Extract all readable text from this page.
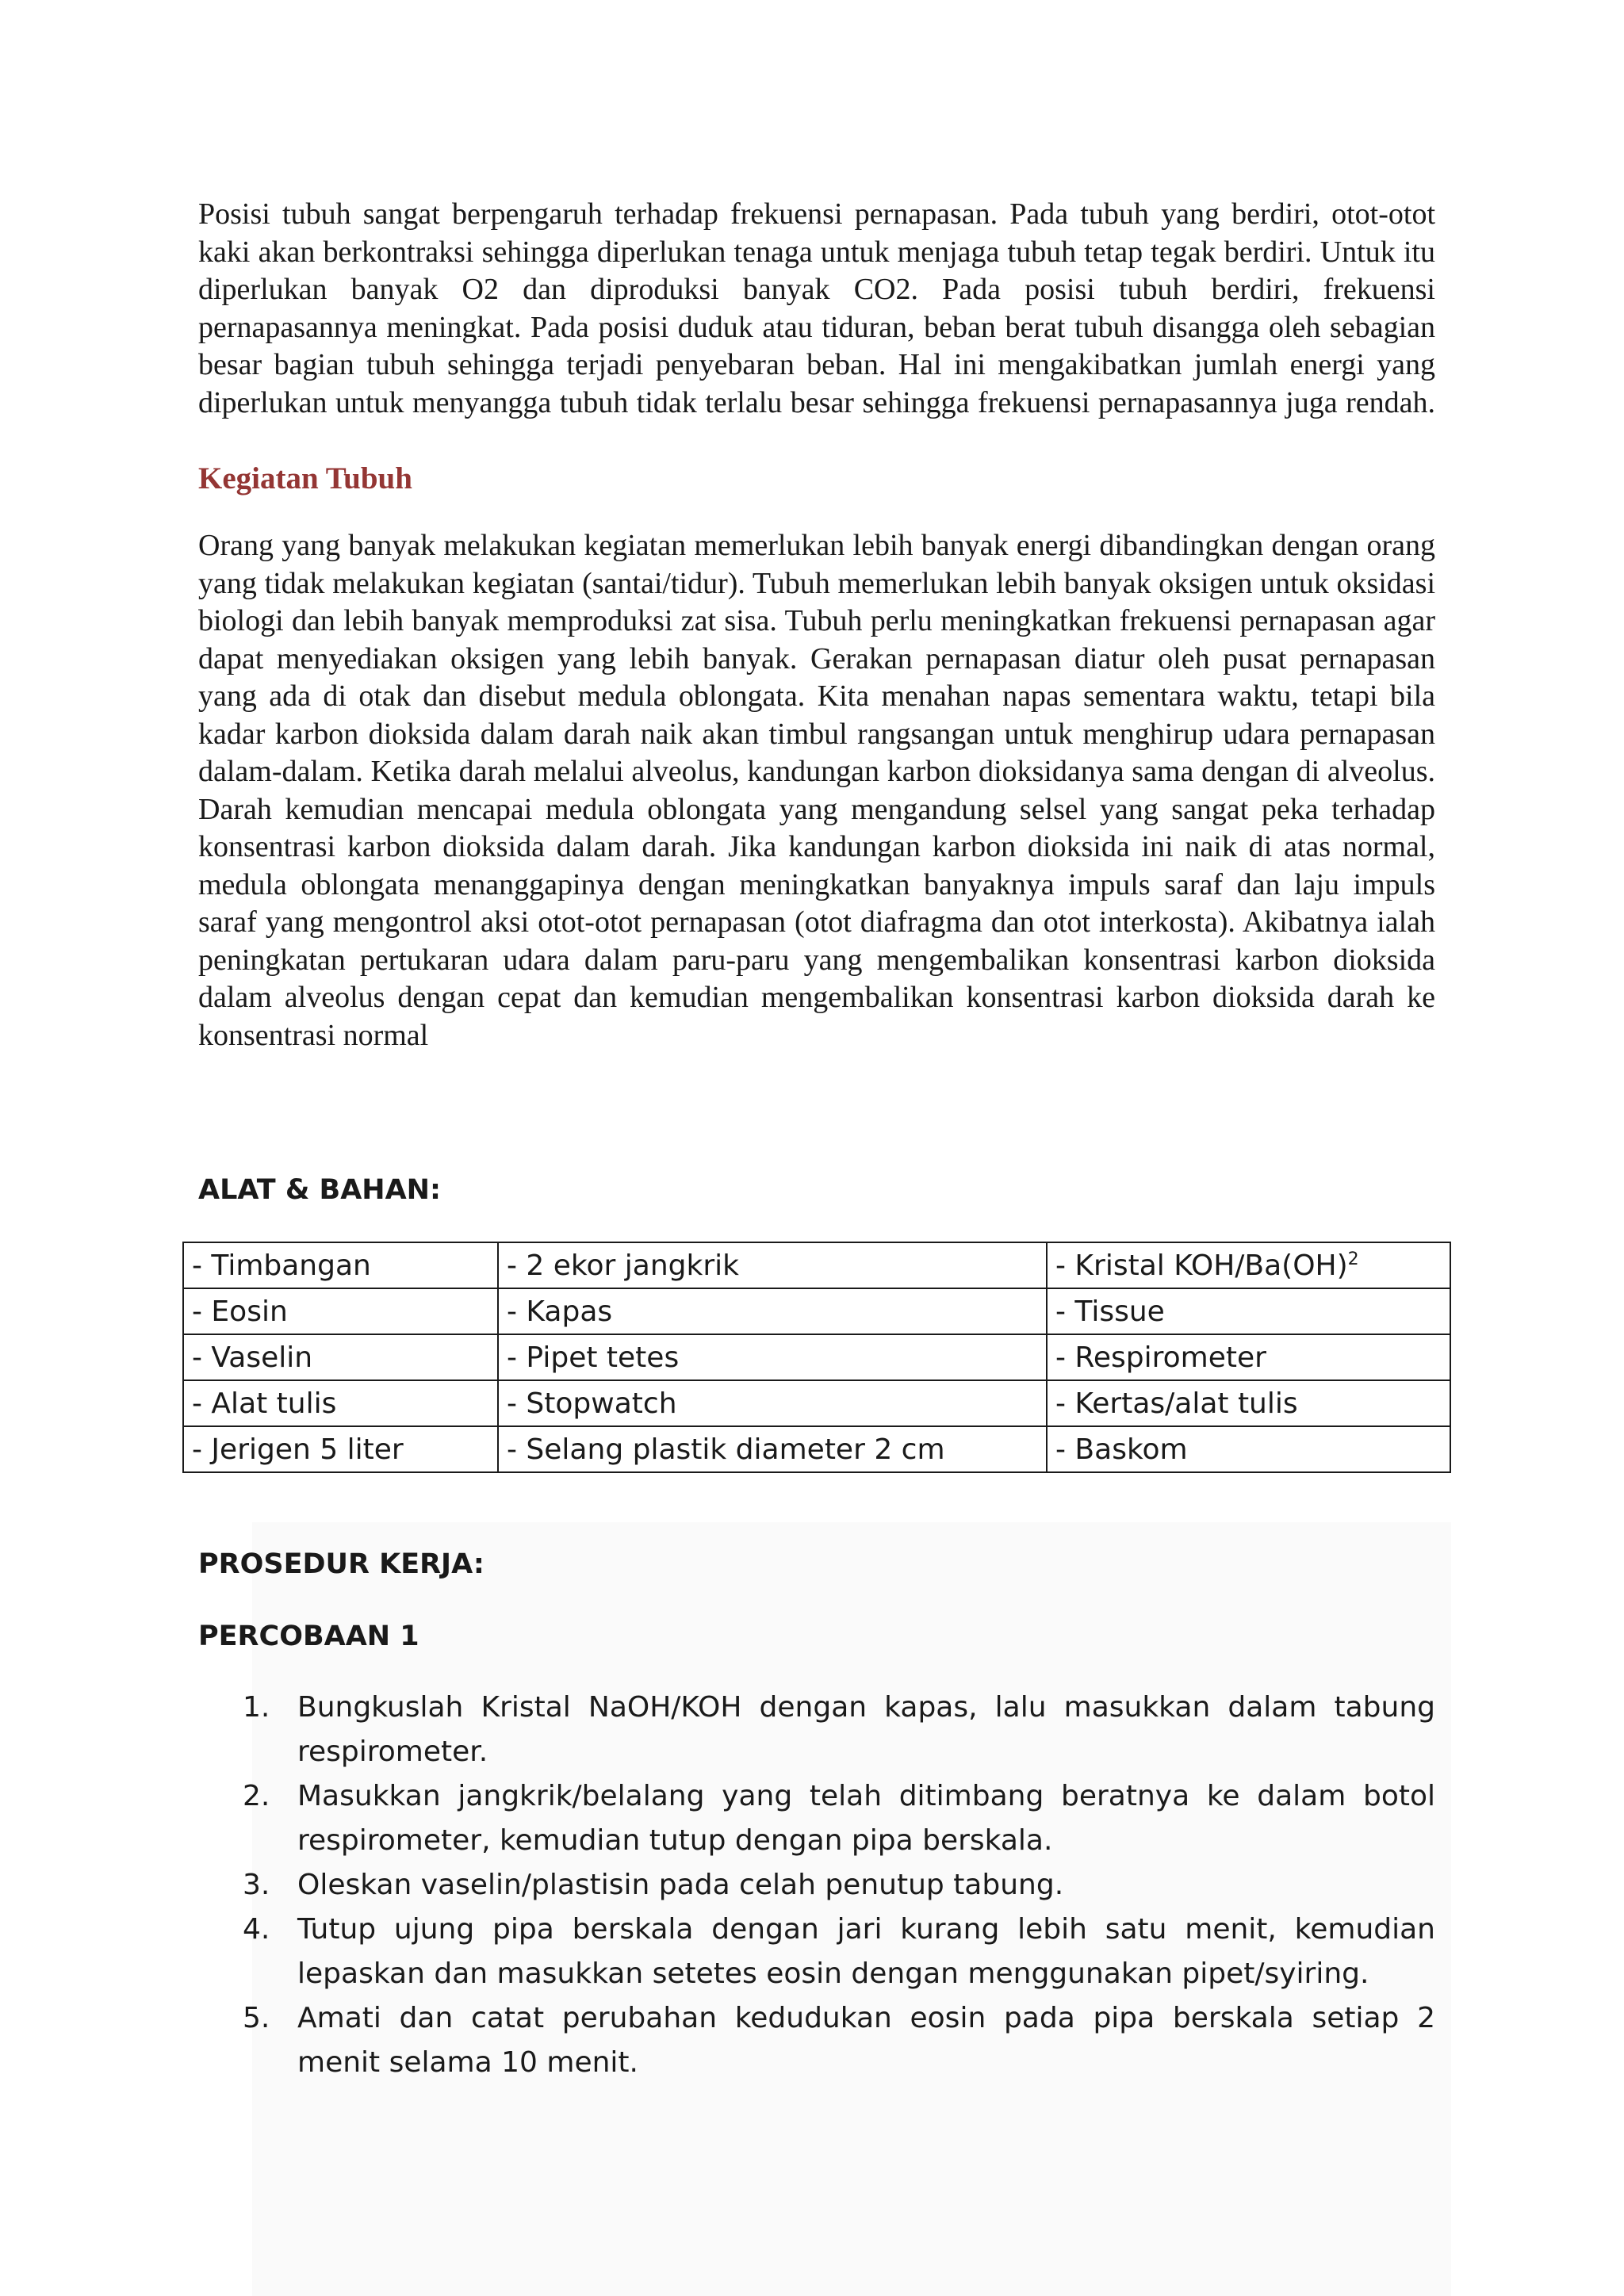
Posisi tubuh sangat berpengaruh terhadap frekuensi pernapasan. Pada tubuh yang berdiri, otot-otot kaki akan berkontraksi sehingga diperlukan tenaga untuk menjaga tubuh tetap tegak berdiri. Untuk itu diperlukan banyak O2 dan diproduksi banyak CO2. Pada posisi tubuh berdiri, frekuensi pernapasannya meningkat. Pada posisi duduk atau tiduran, beban berat tubuh disangga oleh sebagian besar bagian tubuh sehingga terjadi penyebaran beban. Hal ini mengakibatkan jumlah energi yang diperlukan untuk menyangga tubuh tidak terlalu besar sehingga frekuensi pernapasannya juga rendah.

Kegiatan Tubuh

Orang yang banyak melakukan kegiatan memerlukan lebih banyak energi dibandingkan dengan orang yang tidak melakukan kegiatan (santai/tidur). Tubuh memerlukan lebih banyak oksigen untuk oksidasi biologi dan lebih banyak memproduksi zat sisa. Tubuh perlu meningkatkan frekuensi pernapasan agar dapat menyediakan oksigen yang lebih banyak. Gerakan pernapasan diatur oleh pusat pernapasan yang ada di otak dan disebut medula oblongata. Kita menahan napas sementara waktu, tetapi bila kadar karbon dioksida dalam darah naik akan timbul rangsangan untuk menghirup udara pernapasan dalam-dalam. Ketika darah melalui alveolus, kandungan karbon dioksidanya sama dengan di alveolus. Darah kemudian mencapai medula oblongata yang mengandung selsel yang sangat peka terhadap konsentrasi karbon dioksida dalam darah. Jika kandungan karbon dioksida ini naik di atas normal, medula oblongata menanggapinya dengan meningkatkan banyaknya impuls saraf dan laju impuls saraf yang mengontrol aksi otot-otot pernapasan (otot diafragma dan otot interkosta). Akibatnya ialah peningkatan pertukaran udara dalam paru-paru yang mengembalikan konsentrasi karbon dioksida dalam alveolus dengan cepat dan kemudian mengembalikan konsentrasi karbon dioksida darah ke konsentrasi normal

ALAT & BAHAN:
- Timbangan	- 2 ekor jangkrik	- Kristal KOH/Ba(OH)$^2$
- Eosin	- Kapas	- Tissue
- Vaselin	- Pipet tetes	- Respirometer
- Alat tulis	- Stopwatch	- Kertas/alat tulis
- Jerigen 5 liter	- Selang plastik diameter 2 cm	- Baskom
PROSEDUR KERJA:
PERCOBAAN 1
1. Bungkuslah Kristal NaOH/KOH dengan kapas, lalu masukkan dalam tabung respirometer.
2. Masukkan jangkrik/belalang yang telah ditimbang beratnya ke dalam botol respirometer, kemudian tutup dengan pipa berskala.
3. Oleskan vaselin/plastisin pada celah penutup tabung.
4. Tutup ujung pipa berskala dengan jari kurang lebih satu menit, kemudian lepaskan dan masukkan setetes eosin dengan menggunakan pipet/syiring.
5. Amati dan catat perubahan kedudukan eosin pada pipa berskala setiap 2 menit selama 10 menit.
